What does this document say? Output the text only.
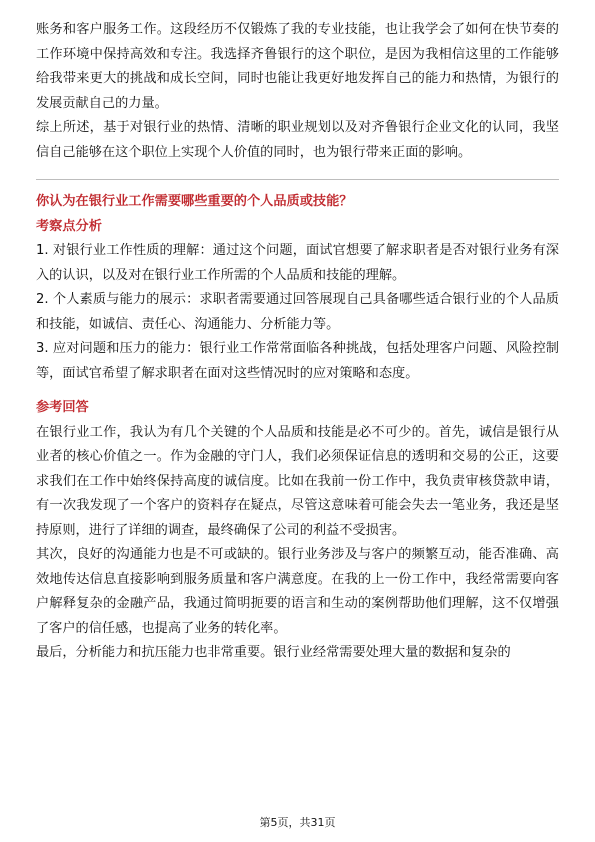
账务和客户服务工作。这段经历不仅锻炼了我的专业技能，也让我学会了如何在快节奏的工作环境中保持高效和专注。我选择齐鲁银行的这个职位，是因为我相信这里的工作能够给我带来更大的挑战和成长空间，同时也能让我更好地发挥自己的能力和热情，为银行的发展贡献自己的力量。

综上所述，基于对银行业的热情、清晰的职业规划以及对齐鲁银行企业文化的认同，我坚信自己能够在这个职位上实现个人价值的同时，也为银行带来正面的影响。

你认为在银行业工作需要哪些重要的个人品质或技能？

考察点分析

1. 对银行业工作性质的理解：通过这个问题，面试官想要了解求职者是否对银行业务有深入的认识，以及对在银行业工作所需的个人品质和技能的理解。

2. 个人素质与能力的展示：求职者需要通过回答展现自己具备哪些适合银行业的个人品质和技能，如诚信、责任心、沟通能力、分析能力等。

3. 应对问题和压力的能力：银行业工作常常面临各种挑战，包括处理客户问题、风险控制等，面试官希望了解求职者在面对这些情况时的应对策略和态度。

参考回答

在银行业工作，我认为有几个关键的个人品质和技能是必不可少的。首先，诚信是银行从业者的核心价值之一。作为金融的守门人，我们必须保证信息的透明和交易的公正，这要求我们在工作中始终保持高度的诚信度。比如在我前一份工作中，我负责审核贷款申请，有一次我发现了一个客户的资料存在疑点，尽管这意味着可能会失去一笔业务，我还是坚持原则，进行了详细的调查，最终确保了公司的利益不受损害。

其次，良好的沟通能力也是不可或缺的。银行业务涉及与客户的频繁互动，能否准确、高效地传达信息直接影响到服务质量和客户满意度。在我的上一份工作中，我经常需要向客户解释复杂的金融产品，我通过简明扼要的语言和生动的案例帮助他们理解，这不仅增强了客户的信任感，也提高了业务的转化率。

最后，分析能力和抗压能力也非常重要。银行业经常需要处理大量的数据和复杂的

第5页，共31页
